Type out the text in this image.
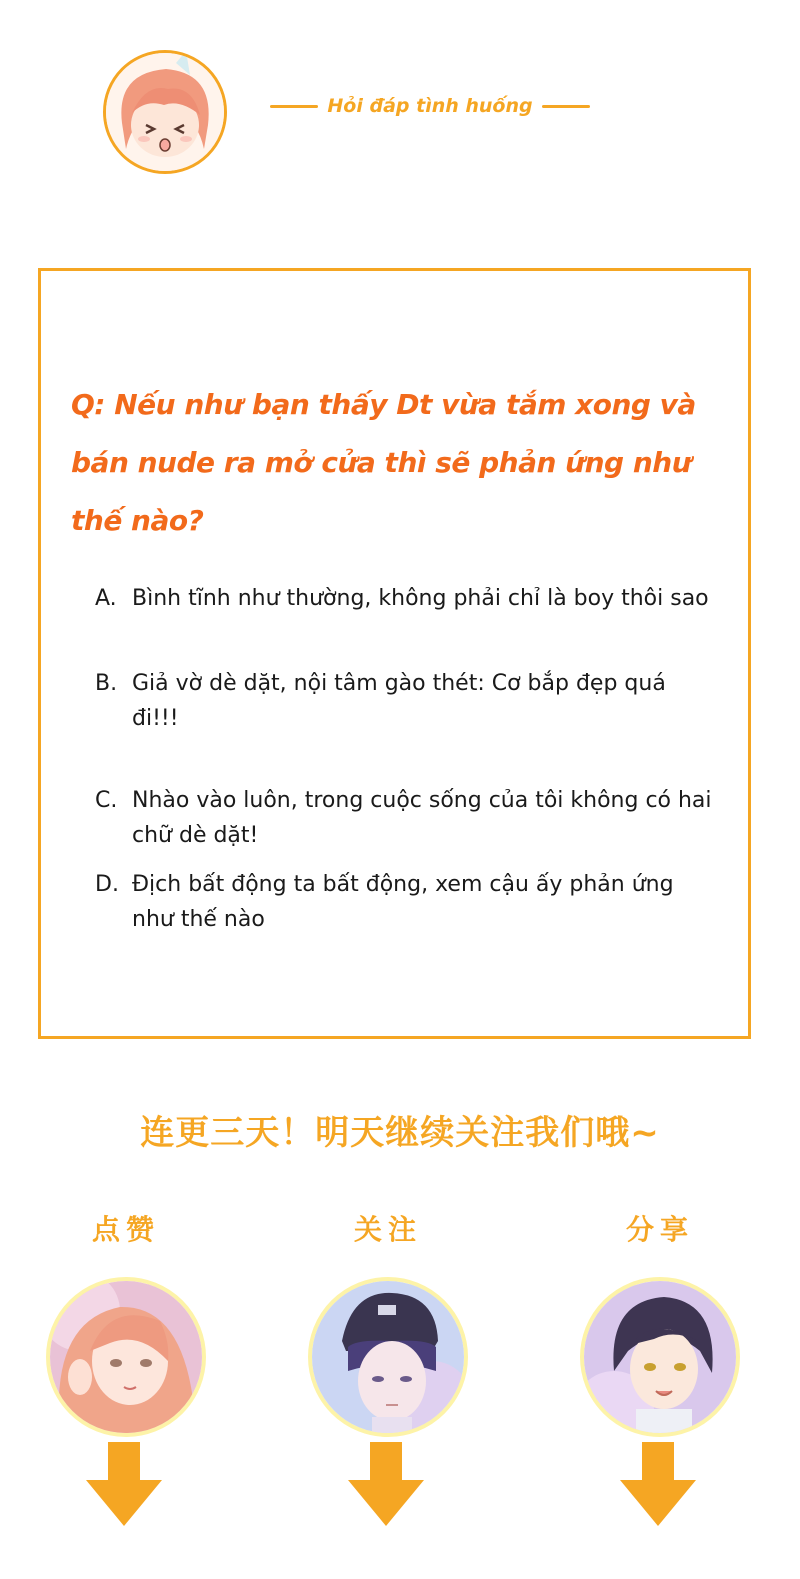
Hỏi đáp tình huống

Q: Nếu như bạn thấy Dt vừa tắm xong và bán nude ra mở cửa thì sẽ phản ứng như thế nào?

A. Bình tĩnh như thường, không phải chỉ là boy thôi sao
B. Giả vờ dè dặt, nội tâm gào thét: Cơ bắp đẹp quá đi!!!
C. Nhào vào luôn, trong cuộc sống của tôi không có hai chữ dè dặt!
D. Địch bất động ta bất động, xem cậu ấy phản ứng như thế nào
连更三天！明天继续关注我们哦~
点赞	关注	分享
